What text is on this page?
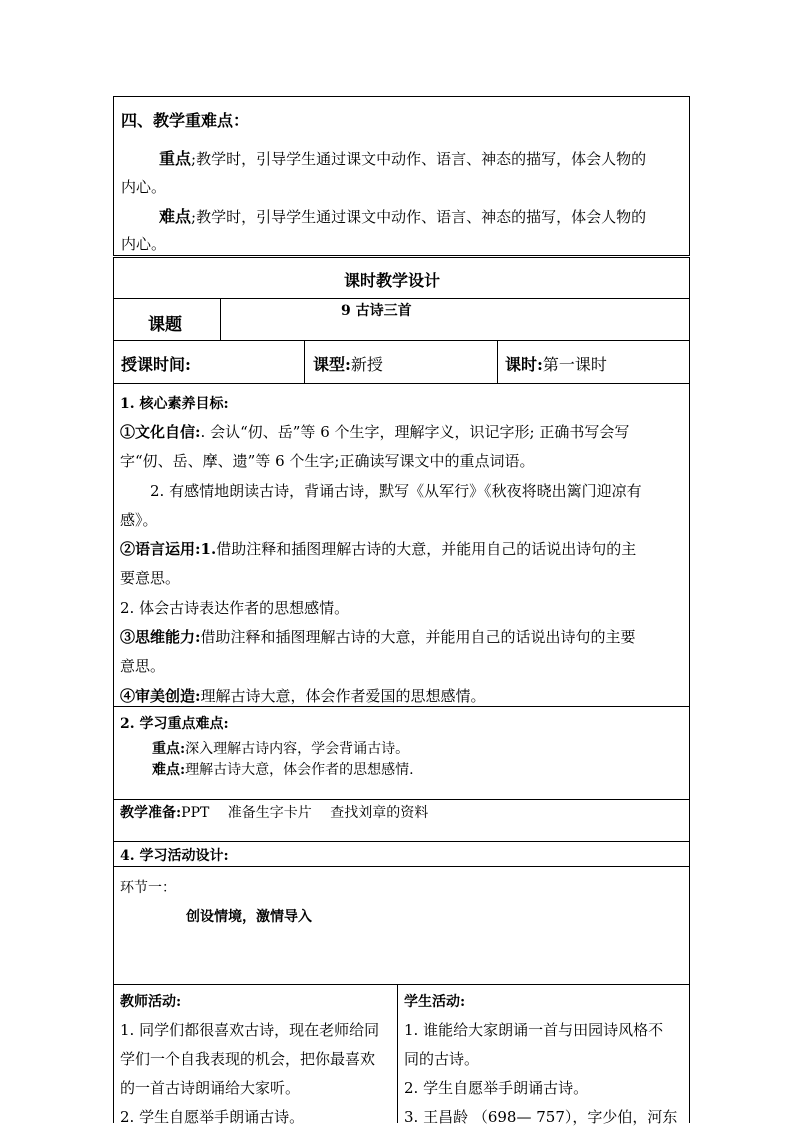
四、教学重难点：
重点;教学时，引导学生通过课文中动作、语言、神态的描写，体会人物的
内心。
难点;教学时，引导学生通过课文中动作、语言、神态的描写，体会人物的
内心。
课时教学设计
课题
9 古诗三首
授课时间:	课型:新授	课时:第一课时
1. 核心素养目标:
①文化自信:. 会认“仞、岳”等 6 个生字，理解字义，识记字形; 正确书写会写
字“仞、岳、摩、遗”等 6 个生字;正确读写课文中的重点词语。
2. 有感情地朗读古诗，背诵古诗，默写《从军行》《秋夜将晓出篱门迎凉有
感》。
②语言运用:1.借助注释和插图理解古诗的大意，并能用自己的话说出诗句的主
要意思。
2. 体会古诗表达作者的思想感情。
③思维能力:借助注释和插图理解古诗的大意，并能用自己的话说出诗句的主要
意思。
④审美创造:理解古诗大意，体会作者爱国的思想感情。
2. 学习重点难点:
重点:深入理解古诗内容，学会背诵古诗。
难点:理解古诗大意，体会作者的思想感情.
教学准备:PPT　 准备生字卡片　 查找刘章的资料
4. 学习活动设计:
环节一：
创设情境，激情导入
教师活动:
1. 同学们都很喜欢古诗，现在老师给同
学们一个自我表现的机会，把你最喜欢
的一首古诗朗诵给大家听。
2. 学生自愿举手朗诵古诗。
学生活动:
1. 谁能给大家朗诵一首与田园诗风格不
同的古诗。
2. 学生自愿举手朗诵古诗。
3. 王昌龄 （698— 757），字少伯，河东
